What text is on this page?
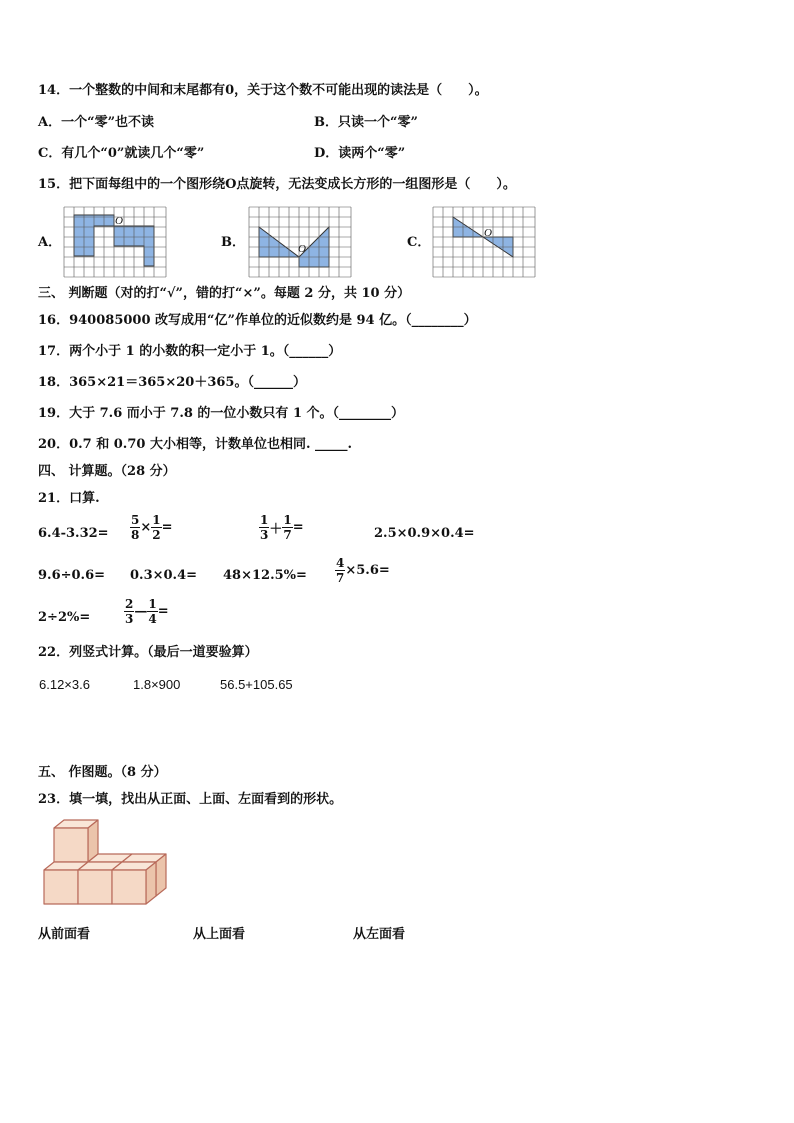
14．一个整数的中间和末尾都有0，关于这个数不可能出现的读法是（　　）。
A．一个“零”也不读	B．只读一个“零”
C．有几个“0”就读几个“零”	D．读两个“零”
15．把下面每组中的一个图形绕O点旋转，无法变成长方形的一组图形是（　　）。
A．
O
B．	O	C．
O
三、 判断题（对的打“√”，错的打“×”。每题 2 分，共 10 分）
16．940085000 改写成用“亿”作单位的近似数约是 94 亿。（________）
17．两个小于 1 的小数的积一定小于 1。（______）
18．365×21＝365×20＋365。（______）
19．大于 7.6 而小于 7.8 的一位小数只有 1 个。（________）
20．0.7 和 0.70 大小相等，计数单位也相同. _____.
四、 计算题。（28 分）
21．口算.
$6.4-3.32= \frac{5}{8} \times \frac{1}{2}$ =	$\frac{1}{3} + \frac{1}{7}$ =	2.5×0.9×0.4=
$9.6\div 0.6= 0.3\times 0.4= 48\times 12.5\%= \frac{4}{7} \times 5.6=$
2÷2%=	$\frac{2}{3}$ — $\frac{1}{4}$ =
22．列竖式计算。（最后一道要验算）
6.12×3.6	1.8×900	56.5+105.65
五、 作图题。（8 分）
23．填一填，找出从正面、上面、左面看到的形状。
从前面看	从上面看	从左面看
